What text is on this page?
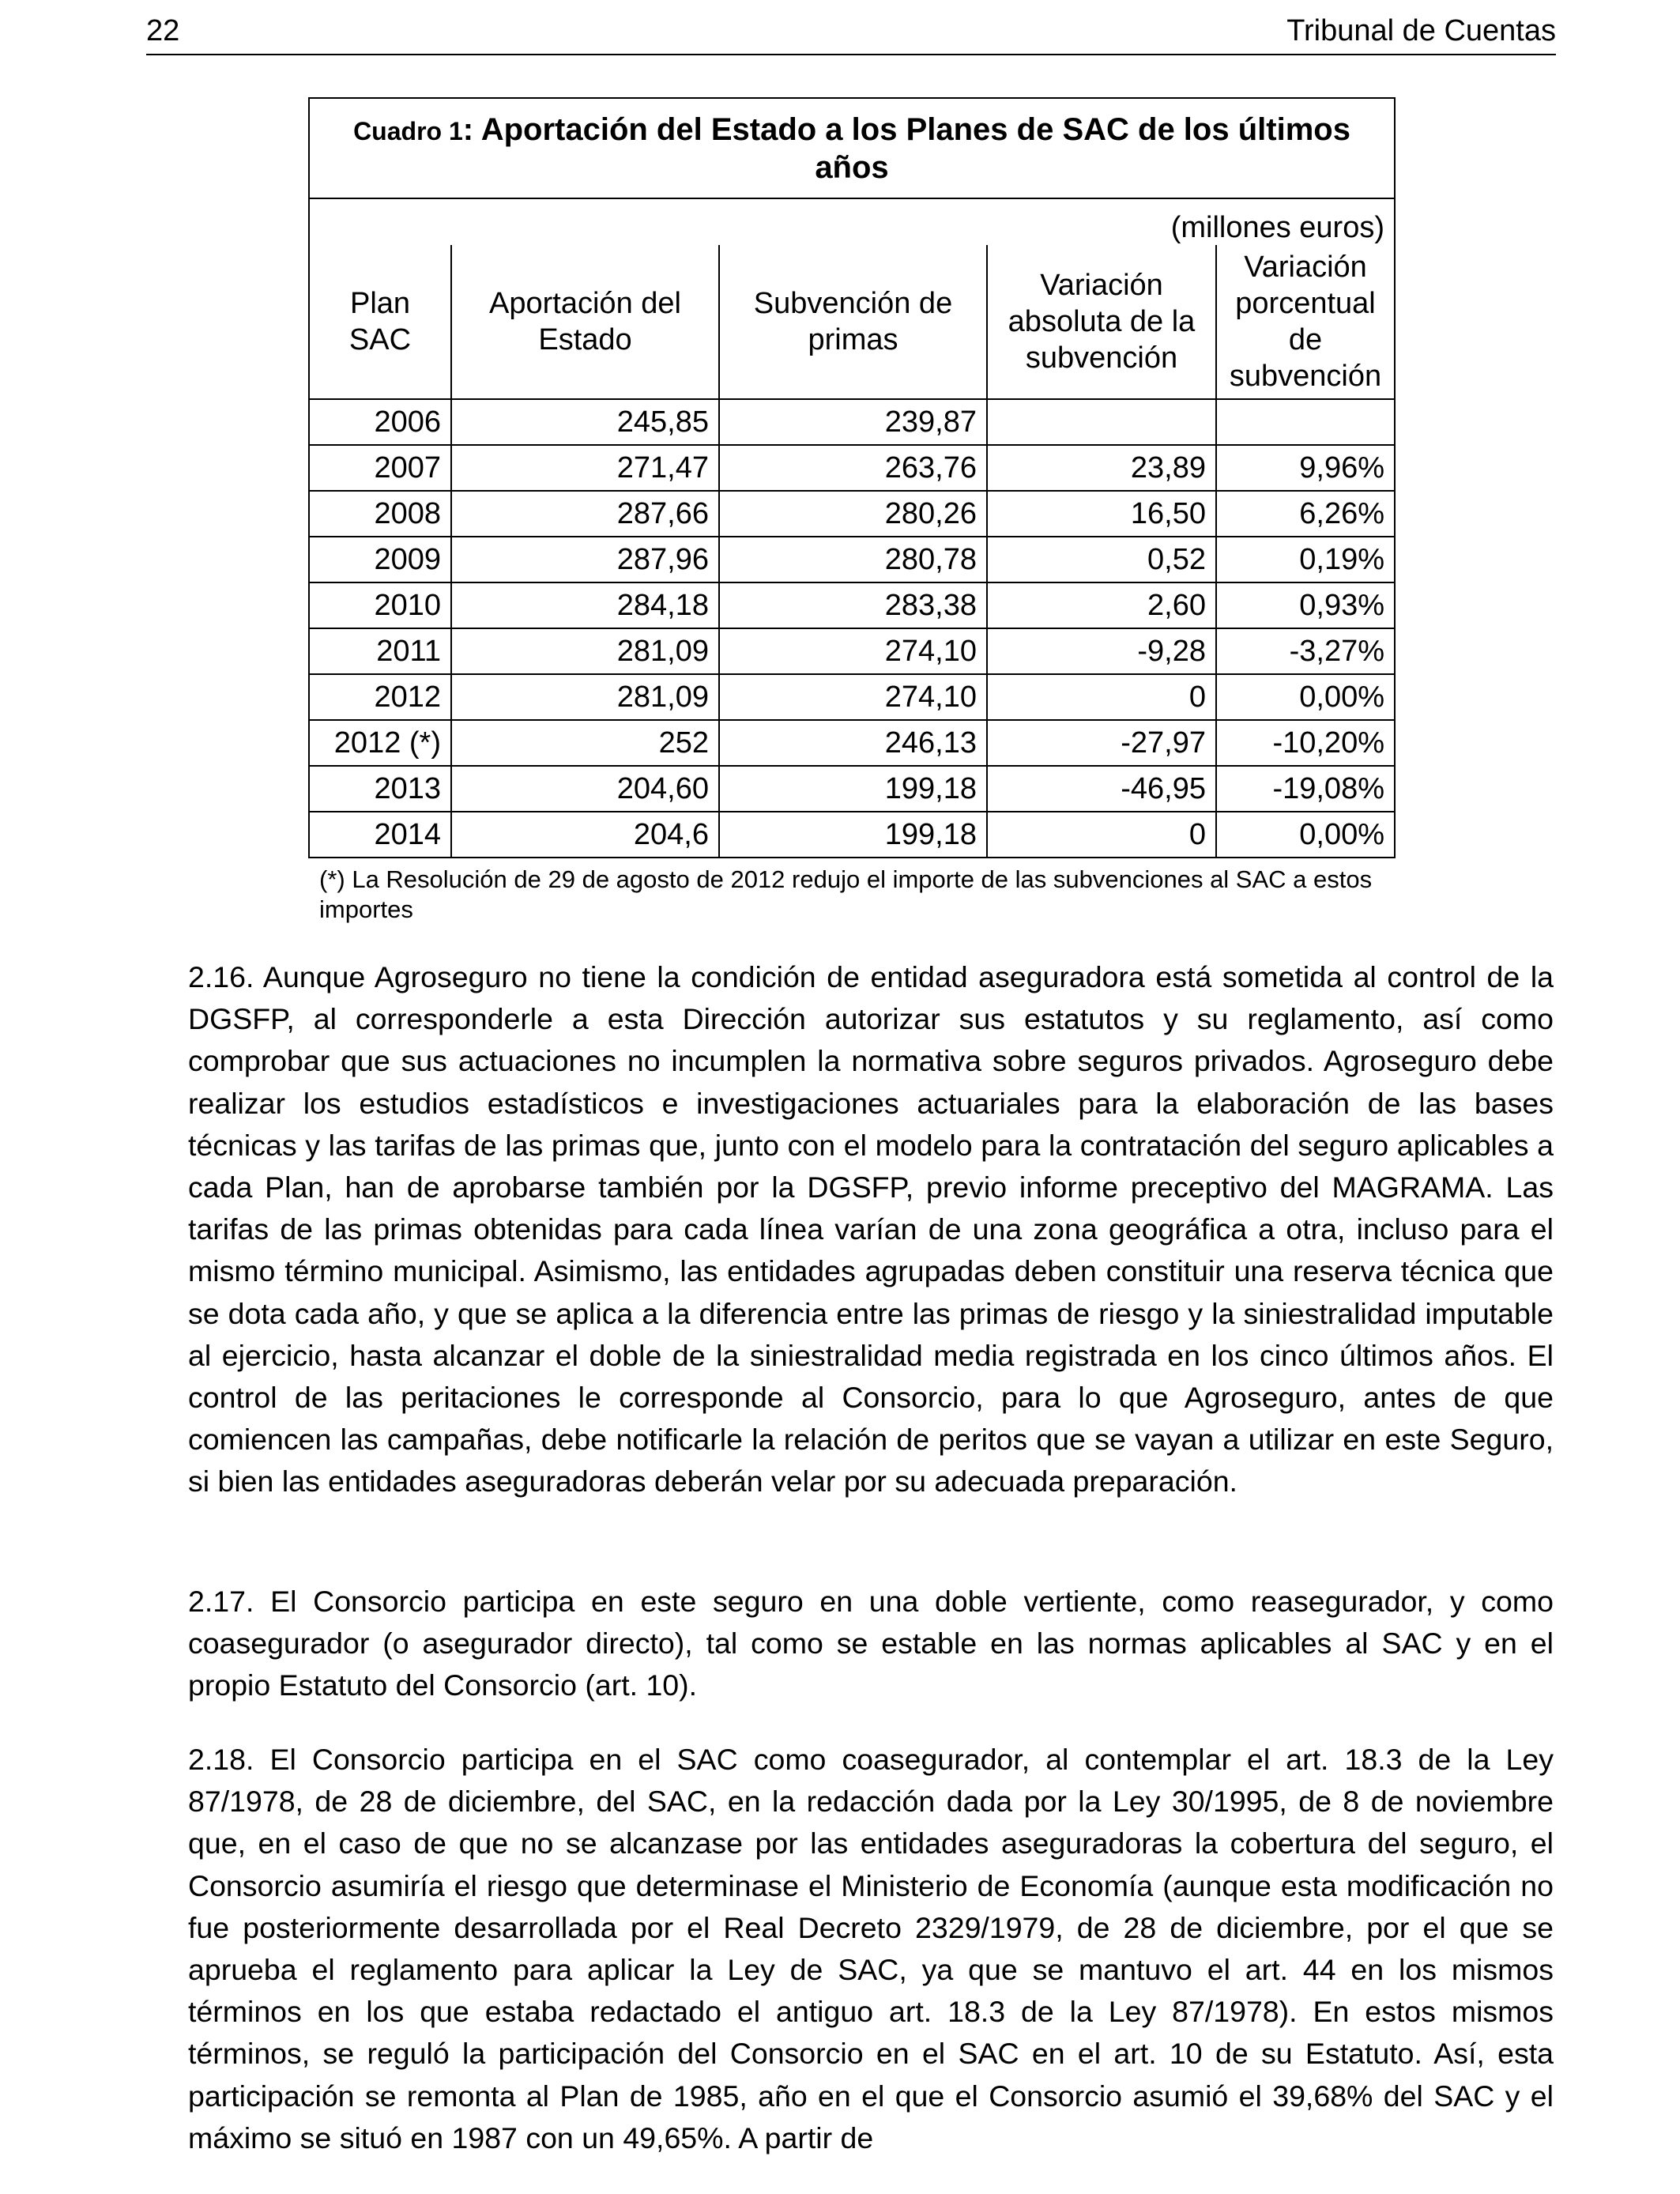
22	Tribunal de Cuentas
Cuadro 1: Aportación del Estado a los Planes de SAC de los últimos años				
(millones euros)				
Plan SAC	Aportación del Estado	Subvención de primas	Variación absoluta de la subvención	Variación porcentual de subvención
2006	245,85	239,87		
2007	271,47	263,76	23,89	9,96%
2008	287,66	280,26	16,50	6,26%
2009	287,96	280,78	0,52	0,19%
2010	284,18	283,38	2,60	0,93%
2011	281,09	274,10	-9,28	-3,27%
2012	281,09	274,10	0	0,00%
2012 (*)	252	246,13	-27,97	-10,20%
2013	204,60	199,18	-46,95	-19,08%
2014	204,6	199,18	0	0,00%
(*) La Resolución de 29 de agosto de 2012 redujo el importe de las subvenciones al SAC a estos importes
2.16. Aunque Agroseguro no tiene la condición de entidad aseguradora está sometida al control de la DGSFP, al corresponderle a esta Dirección autorizar sus estatutos y su reglamento, así como comprobar que sus actuaciones no incumplen la normativa sobre seguros privados. Agroseguro debe realizar los estudios estadísticos e investigaciones actuariales para la elaboración de las bases técnicas y las tarifas de las primas que, junto con el modelo para la contratación del seguro aplicables a cada Plan, han de aprobarse también por la DGSFP, previo informe preceptivo del MAGRAMA. Las tarifas de las primas obtenidas para cada línea varían de una zona geográfica a otra, incluso para el mismo término municipal. Asimismo, las entidades agrupadas deben constituir una reserva técnica que se dota cada año, y que se aplica a la diferencia entre las primas de riesgo y la siniestralidad imputable al ejercicio, hasta alcanzar el doble de la siniestralidad media registrada en los cinco últimos años. El control de las peritaciones le corresponde al Consorcio, para lo que Agroseguro, antes de que comiencen las campañas, debe notificarle la relación de peritos que se vayan a utilizar en este Seguro, si bien las entidades aseguradoras deberán velar por su adecuada preparación.
2.17. El Consorcio participa en este seguro en una doble vertiente, como reasegurador, y como coasegurador (o asegurador directo), tal como se estable en las normas aplicables al SAC y en el propio Estatuto del Consorcio (art. 10).
2.18. El Consorcio participa en el SAC como coasegurador, al contemplar el art. 18.3 de la Ley 87/1978, de 28 de diciembre, del SAC, en la redacción dada por la Ley 30/1995, de 8 de noviembre que, en el caso de que no se alcanzase por las entidades aseguradoras la cobertura del seguro, el Consorcio asumiría el riesgo que determinase el Ministerio de Economía (aunque esta modificación no fue posteriormente desarrollada por el Real Decreto 2329/1979, de 28 de diciembre, por el que se aprueba el reglamento para aplicar la Ley de SAC, ya que se mantuvo el art. 44 en los mismos términos en los que estaba redactado el antiguo art. 18.3 de la Ley 87/1978). En estos mismos términos, se reguló la participación del Consorcio en el SAC en el art. 10 de su Estatuto. Así, esta participación se remonta al Plan de 1985, año en el que el Consorcio asumió el 39,68% del SAC y el máximo se situó en 1987 con un 49,65%. A partir de
